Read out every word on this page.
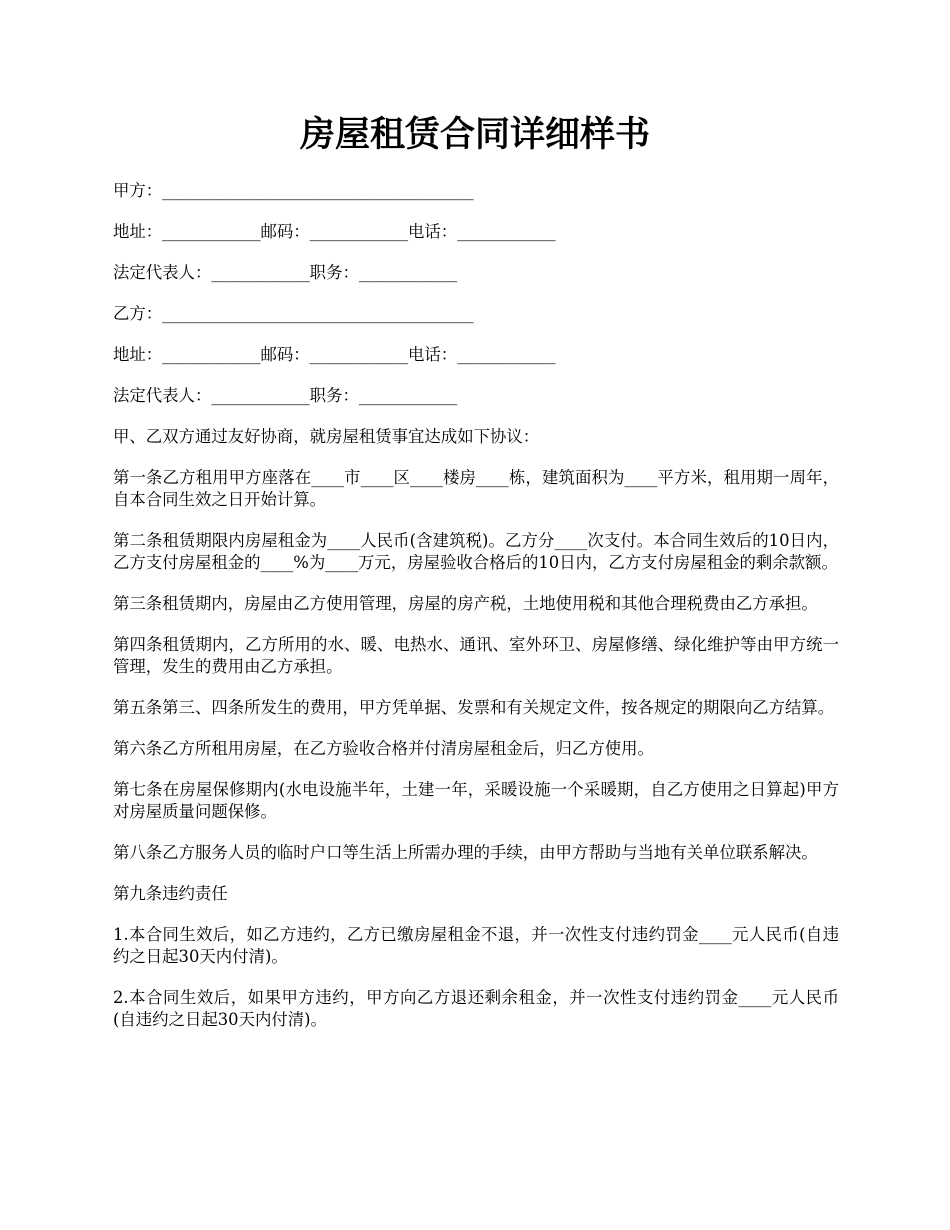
房屋租赁合同详细样书

甲方：______________________________________

地址：____________邮码：____________电话：____________

法定代表人：____________职务：____________

乙方：______________________________________

地址：____________邮码：____________电话：____________

法定代表人：____________职务：____________

甲、乙双方通过友好协商，就房屋租赁事宜达成如下协议：

第一条乙方租用甲方座落在____市____区____楼房____栋，建筑面积为____平方米，租用期一周年，自本合同生效之日开始计算。

第二条租赁期限内房屋租金为____人民币(含建筑税)。乙方分____次支付。本合同生效后的10日内，乙方支付房屋租金的____%为____万元，房屋验收合格后的10日内，乙方支付房屋租金的剩余款额。

第三条租赁期内，房屋由乙方使用管理，房屋的房产税，土地使用税和其他合理税费由乙方承担。

第四条租赁期内，乙方所用的水、暖、电热水、通讯、室外环卫、房屋修缮、绿化维护等由甲方统一管理，发生的费用由乙方承担。

第五条第三、四条所发生的费用，甲方凭单据、发票和有关规定文件，按各规定的期限向乙方结算。

第六条乙方所租用房屋，在乙方验收合格并付清房屋租金后，归乙方使用。

第七条在房屋保修期内(水电设施半年，土建一年，采暖设施一个采暖期，自乙方使用之日算起)甲方对房屋质量问题保修。

第八条乙方服务人员的临时户口等生活上所需办理的手续，由甲方帮助与当地有关单位联系解决。

第九条违约责任

1.本合同生效后，如乙方违约，乙方已缴房屋租金不退，并一次性支付违约罚金____元人民币(自违约之日起30天内付清)。

2.本合同生效后，如果甲方违约，甲方向乙方退还剩余租金，并一次性支付违约罚金____元人民币(自违约之日起30天内付清)。
